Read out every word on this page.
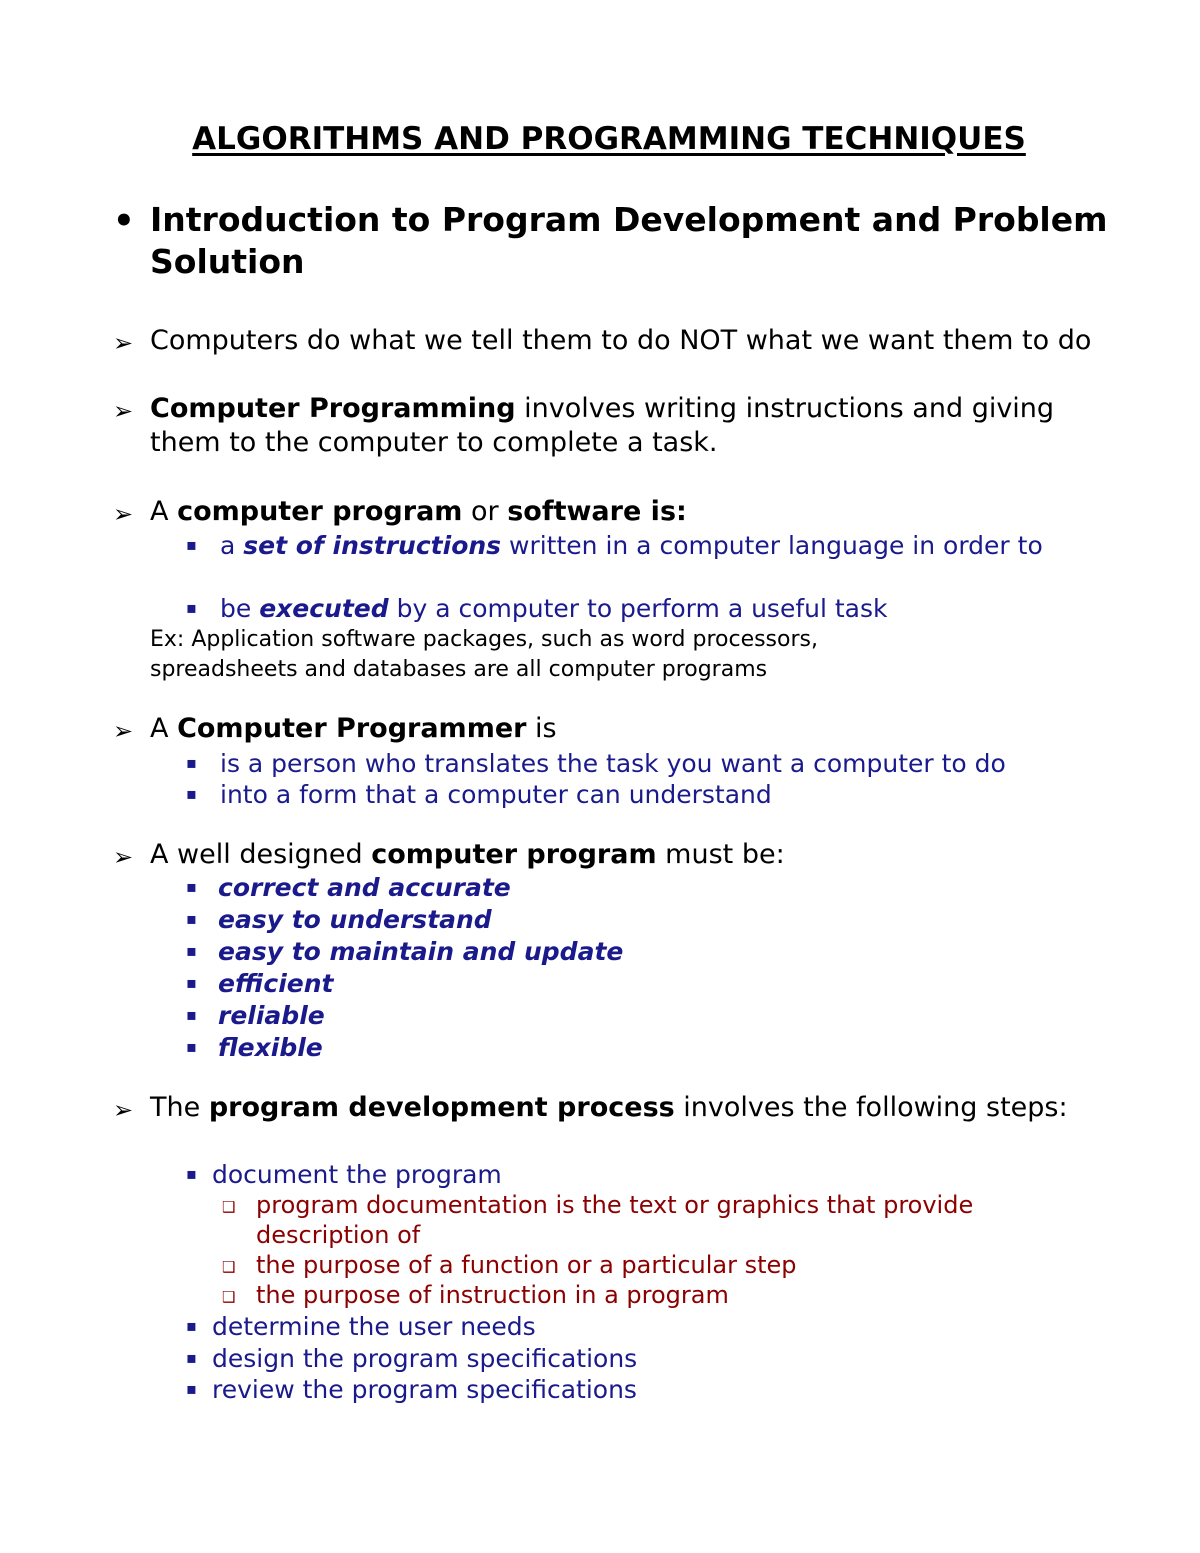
ALGORITHMS AND PROGRAMMING TECHNIQUES
• Introduction to Program Development and Problem Solution
➢ Computers do what we tell them to do NOT what we want them to do

➢ Computer Programming involves writing instructions and giving them to the computer to complete a task.

➢ A computer program or software is:

▪ a set of instructions written in a computer language in order to

▪ be executed by a computer to perform a useful task

Ex: Application software packages, such as word processors, spreadsheets and databases are all computer programs

➢ A Computer Programmer is

▪ is a person who translates the task you want a computer to do

▪ into a form that a computer can understand

➢ A well designed computer program must be:

▪ correct and accurate

▪ easy to understand

▪ easy to maintain and update

▪ efficient

▪ reliable

▪ flexible

➢ The program development process involves the following steps:

▪ document the program

❑ program documentation is the text or graphics that provide description of

❑ the purpose of a function or a particular step

❑ the purpose of instruction in a program

▪ determine the user needs

▪ design the program specifications

▪ review the program specifications
